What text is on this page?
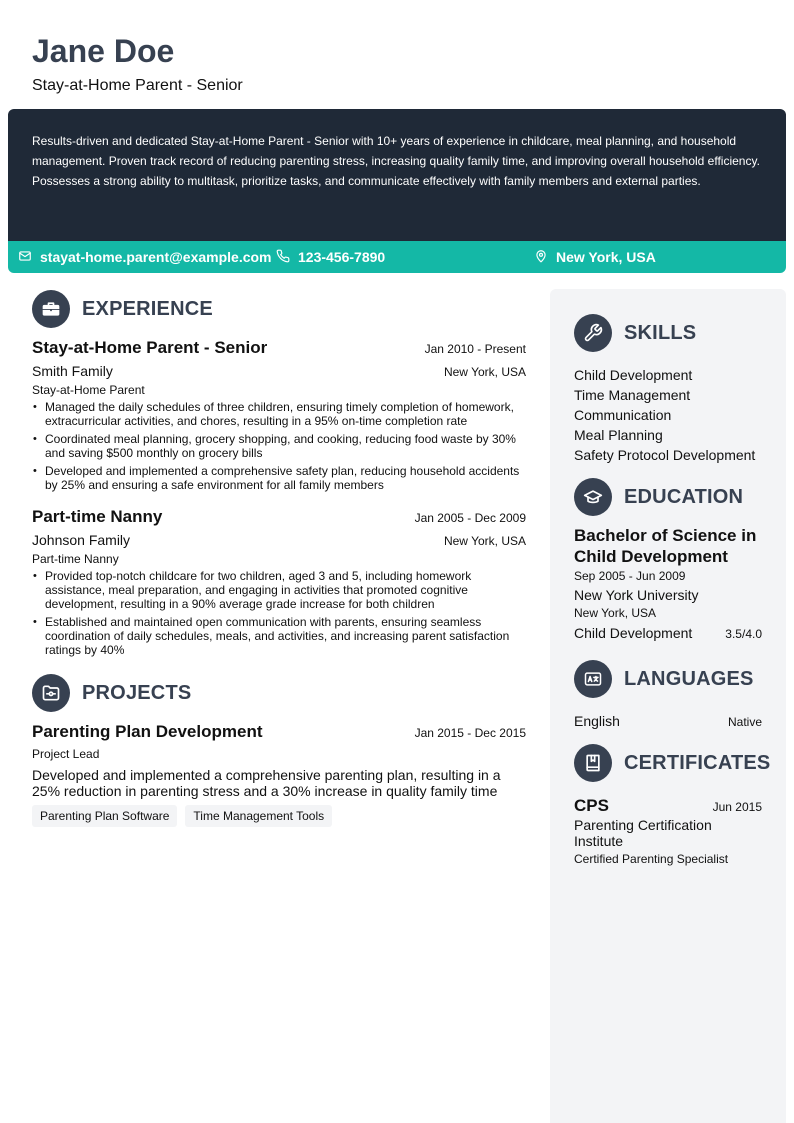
Jane Doe
Stay-at-Home Parent - Senior

Results-driven and dedicated Stay-at-Home Parent - Senior with 10+ years of experience in childcare, meal planning, and household management. Proven track record of reducing parenting stress, increasing quality family time, and improving overall household efficiency. Possesses a strong ability to multitask, prioritize tasks, and communicate effectively with family members and external parties.

stayat-home.parent@example.com 123-456-7890	New York, USA
EXPERIENCE
Stay-at-Home Parent - Senior	Jan 2010 - Present
Smith Family	New York, USA
Stay-at-Home Parent
• Managed the daily schedules of three children, ensuring timely completion of homework, extracurricular activities, and chores, resulting in a 95% on-time completion rate
• Coordinated meal planning, grocery shopping, and cooking, reducing food waste by 30% and saving $500 monthly on grocery bills
• Developed and implemented a comprehensive safety plan, reducing household accidents by 25% and ensuring a safe environment for all family members
Part-time Nanny	Jan 2005 - Dec 2009
Johnson Family	New York, USA
Part-time Nanny
• Provided top-notch childcare for two children, aged 3 and 5, including homework assistance, meal preparation, and engaging in activities that promoted cognitive development, resulting in a 90% average grade increase for both children
• Established and maintained open communication with parents, ensuring seamless coordination of daily schedules, meals, and activities, and increasing parent satisfaction ratings by 40%
PROJECTS
Parenting Plan Development	Jan 2015 - Dec 2015
Project Lead
Developed and implemented a comprehensive parenting plan, resulting in a 25% reduction in parenting stress and a 30% increase in quality family time
Parenting Plan Software	Time Management Tools
SKILLS
Child Development
Time Management
Communication
Meal Planning
Safety Protocol Development
EDUCATION
Bachelor of Science in Child Development
Sep 2005 - Jun 2009
New York University
New York, USA
Child Development	3.5/4.0
LANGUAGES
English	Native
CERTIFICATES
CPS	Jun 2015
Parenting Certification Institute
Certified Parenting Specialist
